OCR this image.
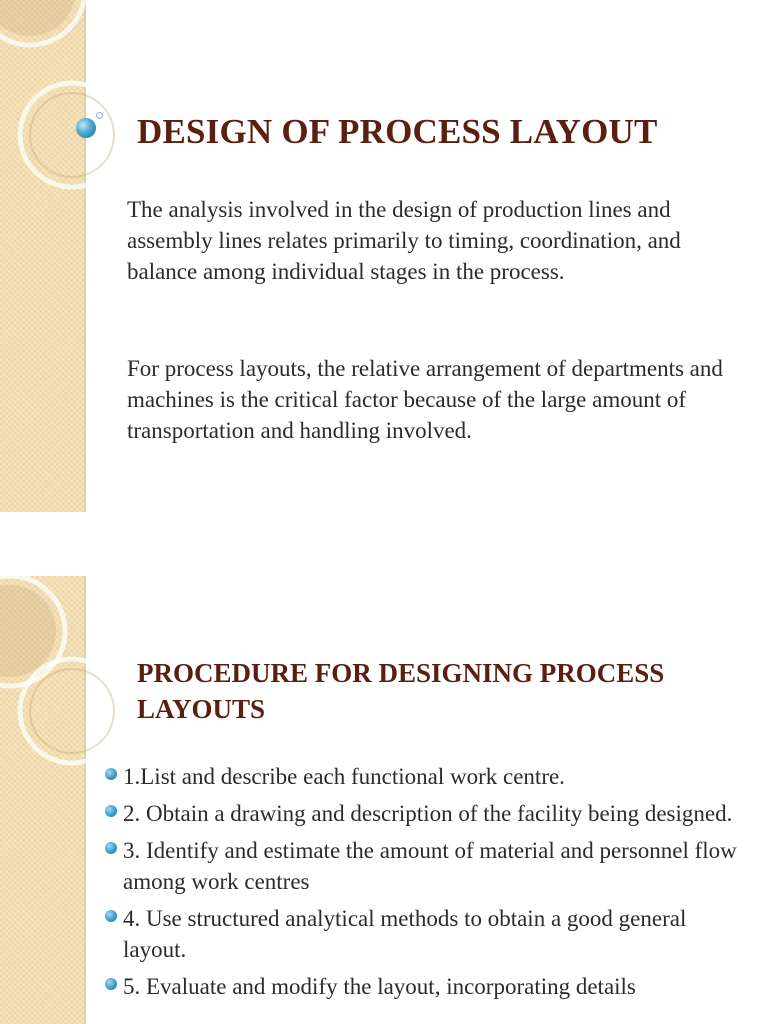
DESIGN OF PROCESS LAYOUT

The analysis involved in the design of production lines and assembly lines relates primarily to timing, coordination, and balance among individual stages in the process.

For process layouts, the relative arrangement of departments and machines is the critical factor because of the large amount of transportation and handling involved.

PROCEDURE FOR DESIGNING PROCESS LAYOUTS
1.List and describe each functional work centre.
2. Obtain a drawing and description of the facility being designed.
3. Identify and estimate the amount of material and personnel flow among work centres
4. Use structured analytical methods to obtain a good general layout.
5. Evaluate and modify the layout, incorporating details
